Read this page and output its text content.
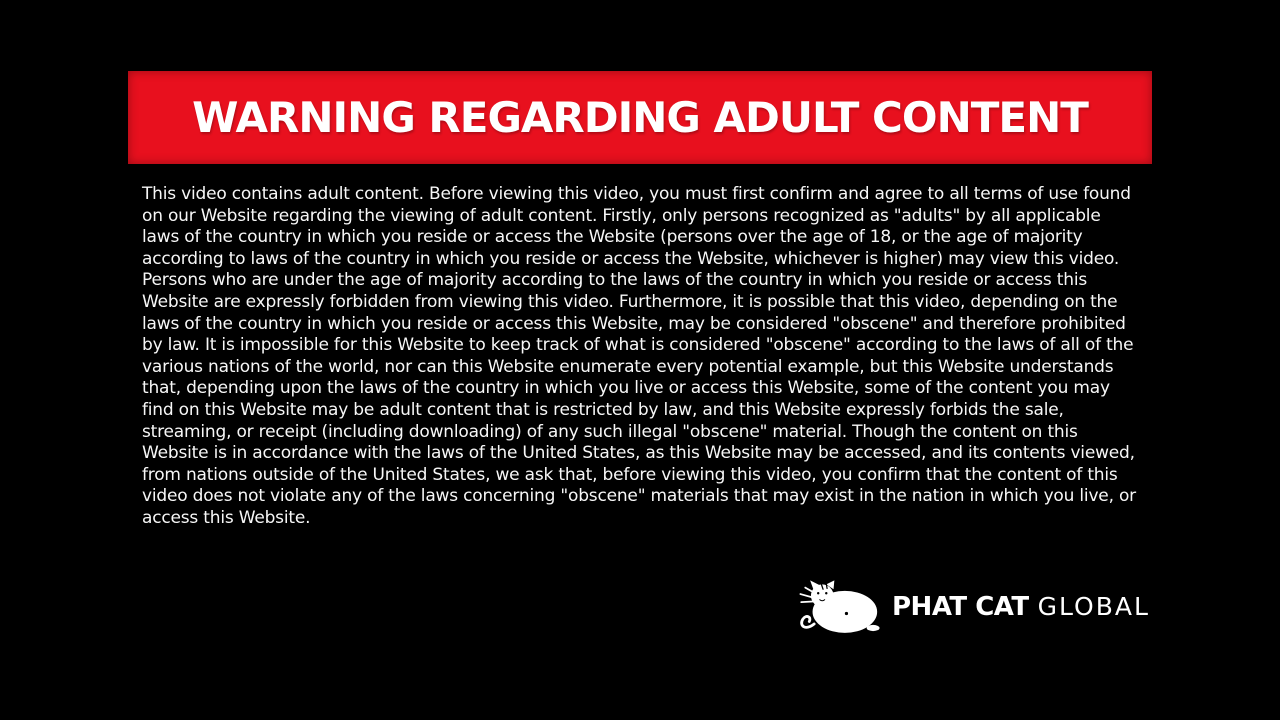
WARNING REGARDING ADULT CONTENT

This video contains adult content. Before viewing this video, you must first confirm and agree to all terms of use found on our Website regarding the viewing of adult content. Firstly, only persons recognized as "adults" by all applicable laws of the country in which you reside or access the Website (persons over the age of 18, or the age of majority according to laws of the country in which you reside or access the Website, whichever is higher) may view this video. Persons who are under the age of majority according to the laws of the country in which you reside or access this Website are expressly forbidden from viewing this video. Furthermore, it is possible that this video, depending on the laws of the country in which you reside or access this Website, may be considered "obscene" and therefore prohibited by law. It is impossible for this Website to keep track of what is considered "obscene" according to the laws of all of the various nations of the world, nor can this Website enumerate every potential example, but this Website understands that, depending upon the laws of the country in which you live or access this Website, some of the content you may find on this Website may be adult content that is restricted by law, and this Website expressly forbids the sale, streaming, or receipt (including downloading) of any such illegal "obscene" material. Though the content on this Website is in accordance with the laws of the United States, as this Website may be accessed, and its contents viewed, from nations outside of the United States, we ask that, before viewing this video, you confirm that the content of this video does not violate any of the laws concerning "obscene" materials that may exist in the nation in which you live, or access this Website.

PHAT CAT GLOBAL
